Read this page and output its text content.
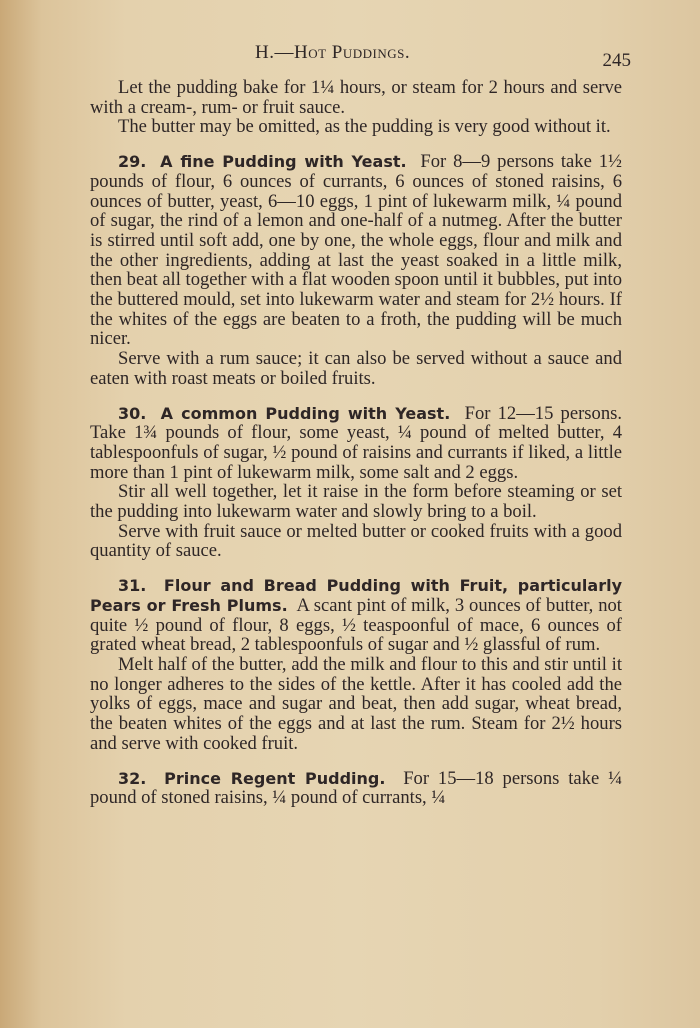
H.—Hot Puddings.	245

Let the pudding bake for 1¼ hours, or steam for 2 hours and serve with a cream-, rum- or fruit sauce.

The butter may be omitted, as the pudding is very good without it.

29. A fine Pudding with Yeast. For 8—9 persons take 1½ pounds of flour, 6 ounces of currants, 6 ounces of stoned raisins, 6 ounces of butter, yeast, 6—10 eggs, 1 pint of lukewarm milk, ¼ pound of sugar, the rind of a lemon and one-half of a nutmeg. After the butter is stirred until soft add, one by one, the whole eggs, flour and milk and the other ingredients, adding at last the yeast soaked in a little milk, then beat all together with a flat wooden spoon until it bubbles, put into the buttered mould, set into lukewarm water and steam for 2½ hours. If the whites of the eggs are beaten to a froth, the pudding will be much nicer.

Serve with a rum sauce; it can also be served without a sauce and eaten with roast meats or boiled fruits.

30. A common Pudding with Yeast. For 12—15 persons. Take 1¾ pounds of flour, some yeast, ¼ pound of melted butter, 4 tablespoonfuls of sugar, ½ pound of raisins and currants if liked, a little more than 1 pint of lukewarm milk, some salt and 2 eggs.

Stir all well together, let it raise in the form before steaming or set the pudding into lukewarm water and slowly bring to a boil.

Serve with fruit sauce or melted butter or cooked fruits with a good quantity of sauce.

31. Flour and Bread Pudding with Fruit, particularly Pears or Fresh Plums. A scant pint of milk, 3 ounces of butter, not quite ½ pound of flour, 8 eggs, ½ teaspoonful of mace, 6 ounces of grated wheat bread, 2 tablespoonfuls of sugar and ½ glassful of rum.

Melt half of the butter, add the milk and flour to this and stir until it no longer adheres to the sides of the kettle. After it has cooled add the yolks of eggs, mace and sugar and beat, then add sugar, wheat bread, the beaten whites of the eggs and at last the rum. Steam for 2½ hours and serve with cooked fruit.

32. Prince Regent Pudding. For 15—18 persons take ¼ pound of stoned raisins, ¼ pound of currants, ¼
